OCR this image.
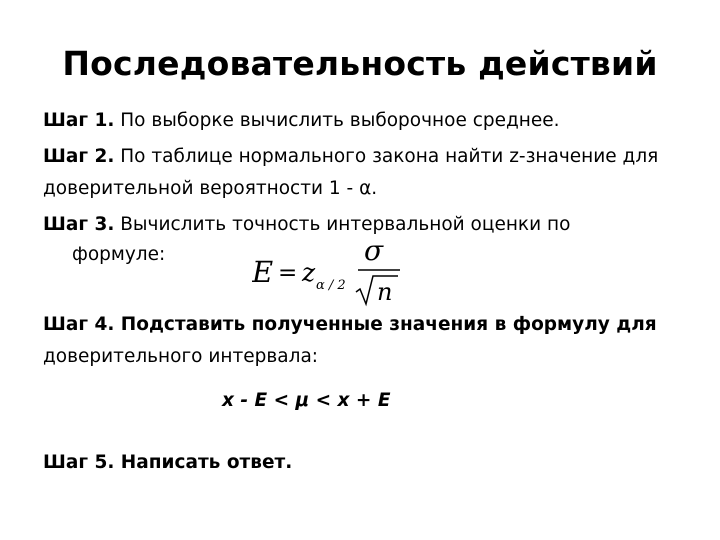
Последовательность действий
Шаг 1. По выборке вычислить выборочное среднее.
Шаг 2. По таблице нормального закона найти z-значение для
доверительной вероятности 1 - α.
Шаг 3. Вычислить точность интервальной оценки по
формуле:
E = z α / 2
σ
n
Шаг 4. Подставить полученные значения в формулу для
доверительного интервала:
x - E < μ < x + E
Шаг 5. Написать ответ.
